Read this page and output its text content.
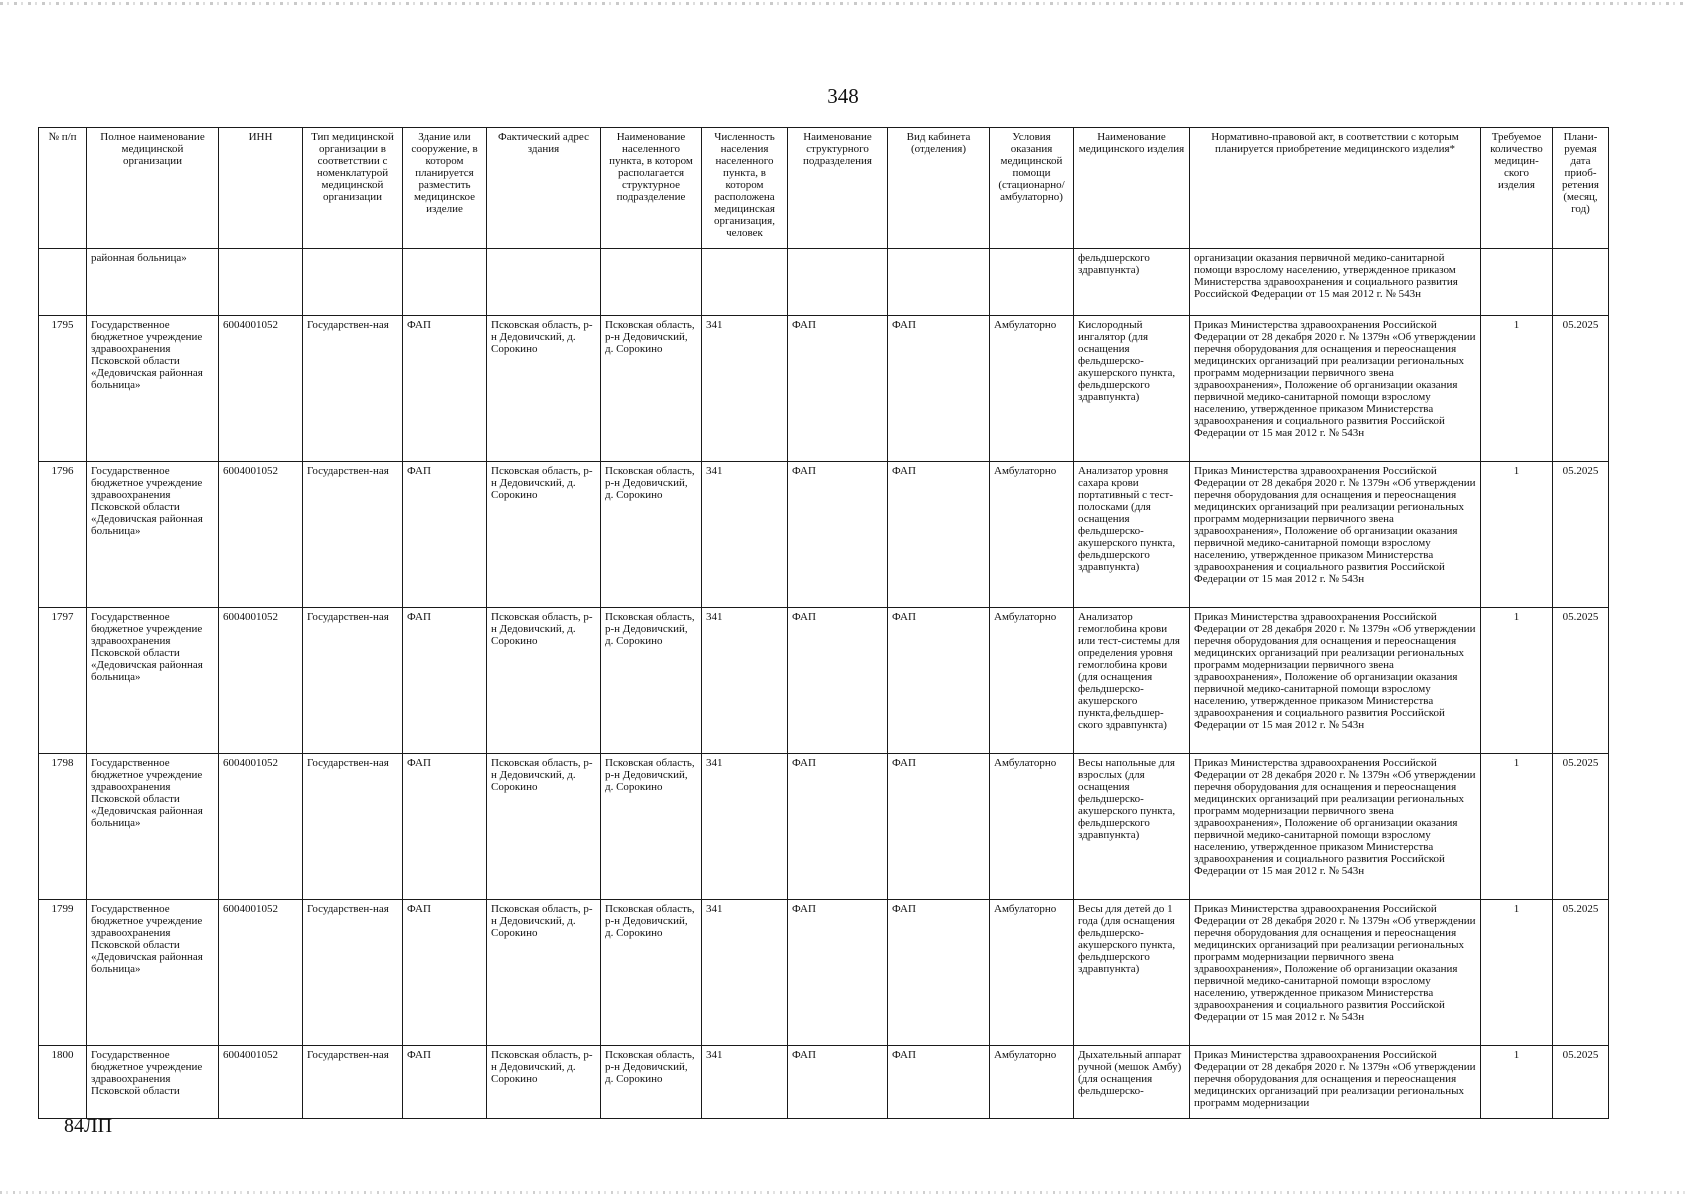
348
№ п/п	Полное наименование медицинской организации	ИНН	Тип медицинской организации в соответствии с номенклатурой медицинской организации	Здание или сооружение, в котором планируется разместить медицинское изделие	Фактический адрес здания	Наименование населенного пункта, в котором располагается структурное подразделение	Численность населения населенного пункта, в котором расположена медицинская организация, человек	Наименование структурного подразделения	Вид кабинета (отделения)	Условия оказания медицинской помощи (стационарно/ амбулаторно)	Наименование медицинского изделия	Нормативно-правовой акт, в соответствии с которым планируется приобретение медицинского изделия*	Требуемое количество медицин-ского изделия	Плани-руемая дата приоб-ретения (месяц, год)
	районная больница»										фельдшерского здравпункта)	организации оказания первичной медико-санитарной помощи взрослому населению, утвержденное приказом Министерства здравоохранения и социального развития Российской Федерации от 15 мая 2012 г. № 543н		
1795	Государственное бюджетное учреждение здравоохранения Псковской области «Дедовичская районная больница»	6004001052	Государствен-ная	ФАП	Псковская область, р-н Дедовичский, д. Сорокино	Псковская область, р-н Дедовичский, д. Сорокино	341	ФАП	ФАП	Амбулаторно	Кислородный ингалятор (для оснащения фельдшерско-акушерского пункта, фельдшерского здравпункта)	Приказ Министерства здравоохранения Российской Федерации от 28 декабря 2020 г. № 1379н «Об утверждении перечня оборудования для оснащения и переоснащения медицинских организаций при реализации региональных программ модернизации первичного звена здравоохранения», Положение об организации оказания первичной медико-санитарной помощи взрослому населению, утвержденное приказом Министерства здравоохранения и социального развития Российской Федерации от 15 мая 2012 г. № 543н	1	05.2025
1796	Государственное бюджетное учреждение здравоохранения Псковской области «Дедовичская районная больница»	6004001052	Государствен-ная	ФАП	Псковская область, р-н Дедовичский, д. Сорокино	Псковская область, р-н Дедовичский, д. Сорокино	341	ФАП	ФАП	Амбулаторно	Анализатор уровня сахара крови портативный с тест-полосками (для оснащения фельдшерско-акушерского пункта, фельдшерского здравпункта)	Приказ Министерства здравоохранения Российской Федерации от 28 декабря 2020 г. № 1379н «Об утверждении перечня оборудования для оснащения и переоснащения медицинских организаций при реализации региональных программ модернизации первичного звена здравоохранения», Положение об организации оказания первичной медико-санитарной помощи взрослому населению, утвержденное приказом Министерства здравоохранения и социального развития Российской Федерации от 15 мая 2012 г. № 543н	1	05.2025
1797	Государственное бюджетное учреждение здравоохранения Псковской области «Дедовичская районная больница»	6004001052	Государствен-ная	ФАП	Псковская область, р-н Дедовичский, д. Сорокино	Псковская область, р-н Дедовичский, д. Сорокино	341	ФАП	ФАП	Амбулаторно	Анализатор гемоглобина крови или тест-системы для определения уровня гемоглобина крови (для оснащения фельдшерско-акушерского пункта,фельдшер-ского здравпункта)	Приказ Министерства здравоохранения Российской Федерации от 28 декабря 2020 г. № 1379н «Об утверждении перечня оборудования для оснащения и переоснащения медицинских организаций при реализации региональных программ модернизации первичного звена здравоохранения», Положение об организации оказания первичной медико-санитарной помощи взрослому населению, утвержденное приказом Министерства здравоохранения и социального развития Российской Федерации от 15 мая 2012 г. № 543н	1	05.2025
1798	Государственное бюджетное учреждение здравоохранения Псковской области «Дедовичская районная больница»	6004001052	Государствен-ная	ФАП	Псковская область, р-н Дедовичский, д. Сорокино	Псковская область, р-н Дедовичский, д. Сорокино	341	ФАП	ФАП	Амбулаторно	Весы напольные для взрослых (для оснащения фельдшерско-акушерского пункта, фельдшерского здравпункта)	Приказ Министерства здравоохранения Российской Федерации от 28 декабря 2020 г. № 1379н «Об утверждении перечня оборудования для оснащения и переоснащения медицинских организаций при реализации региональных программ модернизации первичного звена здравоохранения», Положение об организации оказания первичной медико-санитарной помощи взрослому населению, утвержденное приказом Министерства здравоохранения и социального развития Российской Федерации от 15 мая 2012 г. № 543н	1	05.2025
1799	Государственное бюджетное учреждение здравоохранения Псковской области «Дедовичская районная больница»	6004001052	Государствен-ная	ФАП	Псковская область, р-н Дедовичский, д. Сорокино	Псковская область, р-н Дедовичский, д. Сорокино	341	ФАП	ФАП	Амбулаторно	Весы для детей до 1 года (для оснащения фельдшерско-акушерского пункта, фельдшерского здравпункта)	Приказ Министерства здравоохранения Российской Федерации от 28 декабря 2020 г. № 1379н «Об утверждении перечня оборудования для оснащения и переоснащения медицинских организаций при реализации региональных программ модернизации первичного звена здравоохранения», Положение об организации оказания первичной медико-санитарной помощи взрослому населению, утвержденное приказом Министерства здравоохранения и социального развития Российской Федерации от 15 мая 2012 г. № 543н	1	05.2025
1800	Государственное бюджетное учреждение здравоохранения Псковской области	6004001052	Государствен-ная	ФАП	Псковская область, р-н Дедовичский, д. Сорокино	Псковская область, р-н Дедовичский, д. Сорокино	341	ФАП	ФАП	Амбулаторно	Дыхательный аппарат ручной (мешок Амбу) (для оснащения фельдшерско-	Приказ Министерства здравоохранения Российской Федерации от 28 декабря 2020 г. № 1379н «Об утверждении перечня оборудования для оснащения и переоснащения медицинских организаций при реализации региональных программ модернизации	1	05.2025
84ЛП
